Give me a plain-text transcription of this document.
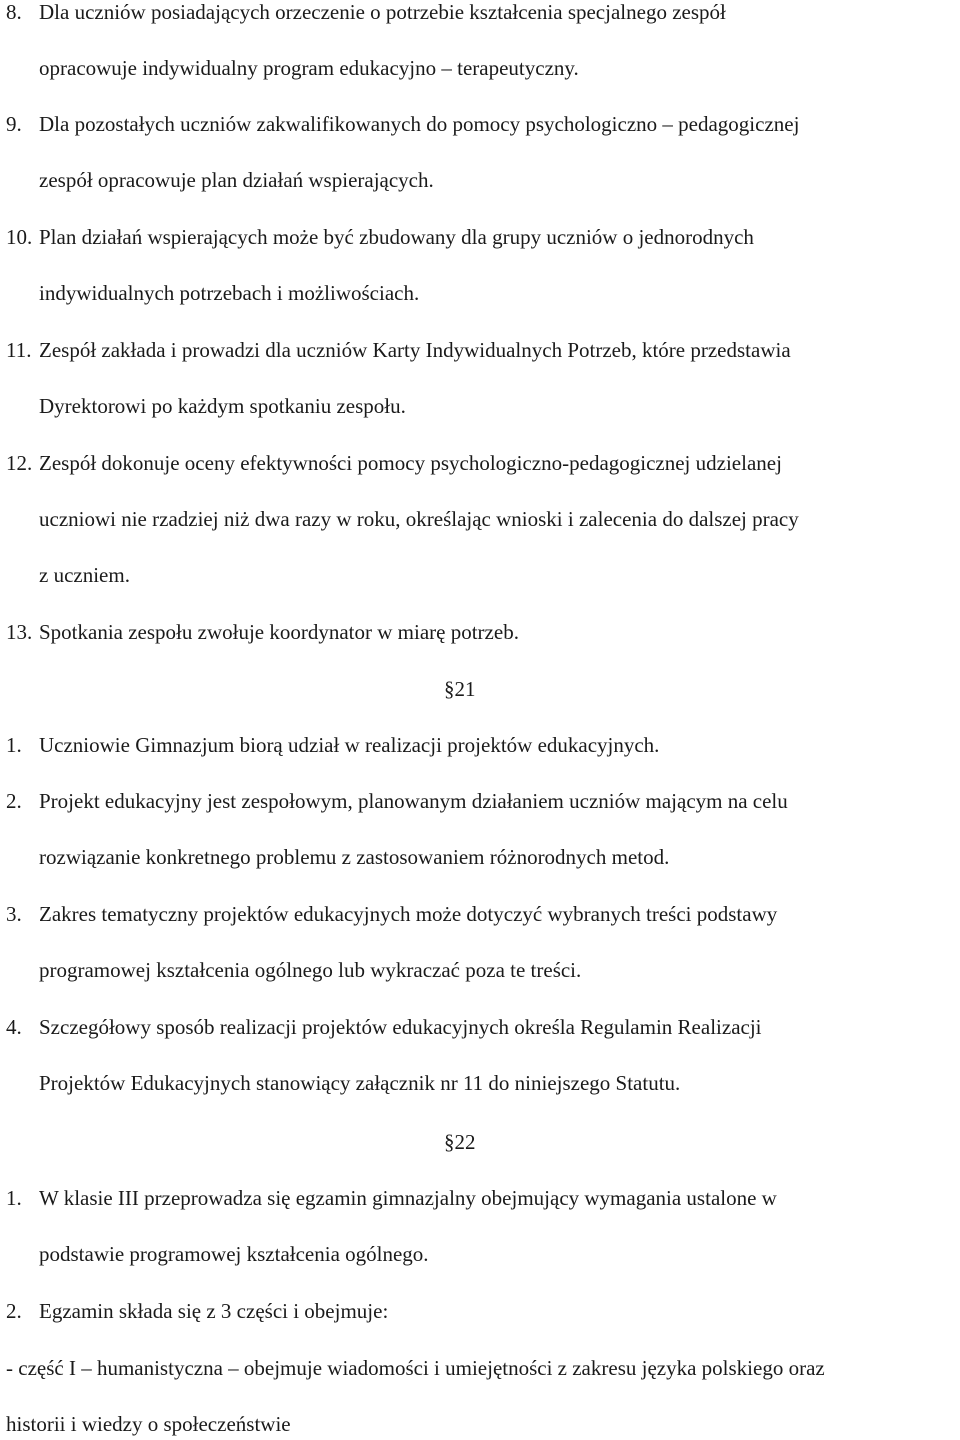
8. Dla uczniów posiadających orzeczenie o potrzebie kształcenia specjalnego zespół
opracowuje indywidualny program edukacyjno – terapeutyczny.
9. Dla pozostałych uczniów zakwalifikowanych do pomocy psychologiczno – pedagogicznej
zespół opracowuje plan działań wspierających.
10. Plan działań wspierających może być zbudowany dla grupy uczniów o jednorodnych
indywidualnych potrzebach i możliwościach.
11. Zespół zakłada i prowadzi dla uczniów Karty Indywidualnych Potrzeb, które przedstawia
Dyrektorowi po każdym spotkaniu zespołu.
12. Zespół dokonuje oceny efektywności pomocy psychologiczno-pedagogicznej udzielanej
uczniowi nie rzadziej niż dwa razy w roku, określając wnioski i zalecenia do dalszej pracy
z uczniem.
13. Spotkania zespołu zwołuje koordynator w miarę potrzeb.
§21
1. Uczniowie Gimnazjum biorą udział w realizacji projektów edukacyjnych.
2. Projekt edukacyjny jest zespołowym, planowanym działaniem uczniów mającym na celu
rozwiązanie konkretnego problemu z zastosowaniem różnorodnych metod.
3. Zakres tematyczny projektów edukacyjnych może dotyczyć wybranych treści podstawy
programowej kształcenia ogólnego lub wykraczać poza te treści.
4. Szczegółowy sposób realizacji projektów edukacyjnych określa Regulamin Realizacji
Projektów Edukacyjnych stanowiący załącznik nr 11 do niniejszego Statutu.
§22
1. W klasie III przeprowadza się egzamin gimnazjalny obejmujący wymagania ustalone w
podstawie programowej kształcenia ogólnego.
2. Egzamin składa się z 3 części i obejmuje:
- część I – humanistyczna – obejmuje wiadomości i umiejętności z zakresu języka polskiego oraz
historii i wiedzy o społeczeństwie
